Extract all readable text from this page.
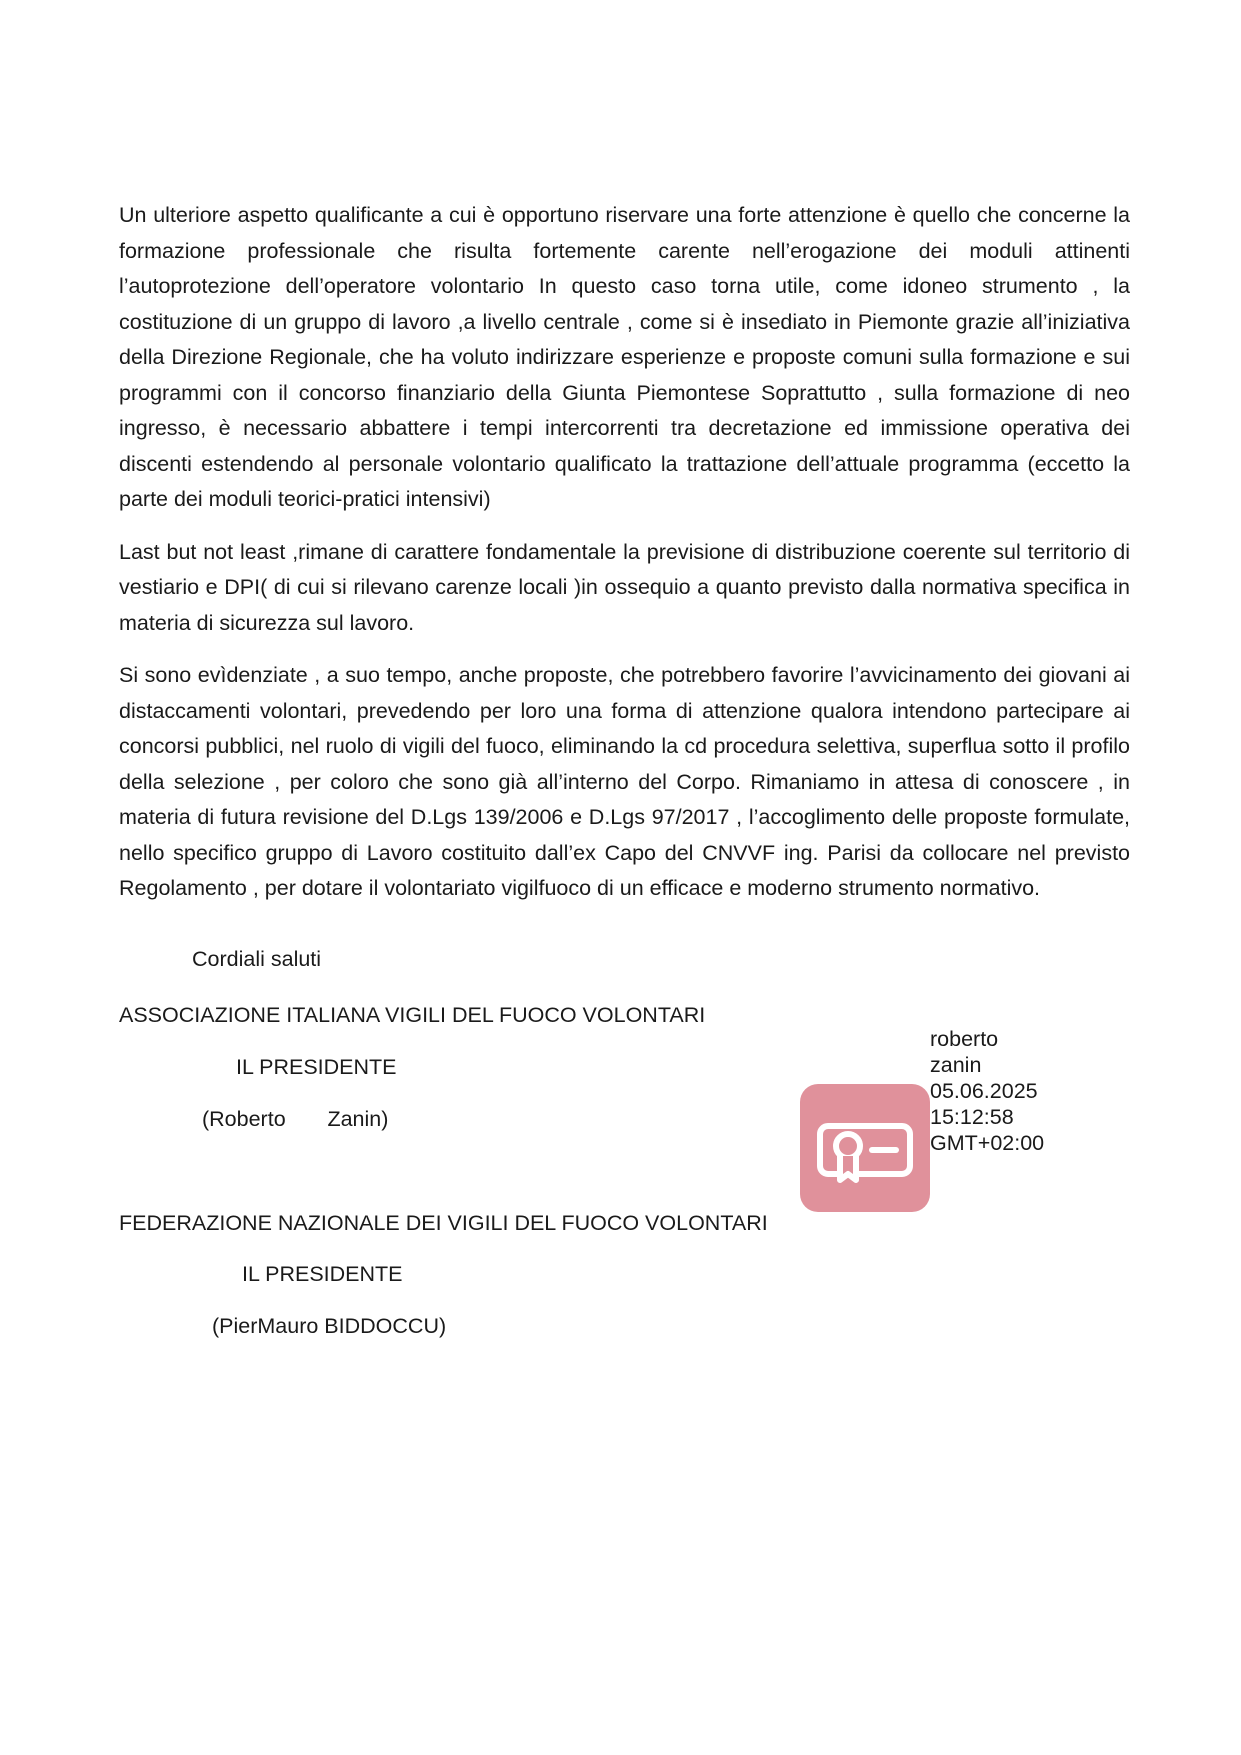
Un ulteriore aspetto qualificante a cui è opportuno riservare una forte attenzione è quello che concerne la formazione professionale che risulta fortemente carente nell’erogazione dei moduli attinenti l’autoprotezione dell’operatore volontario In questo caso torna utile, come idoneo strumento , la costituzione di un gruppo di lavoro ,a livello centrale , come si è insediato in Piemonte grazie all’iniziativa della Direzione Regionale, che ha voluto indirizzare esperienze e proposte comuni sulla formazione e sui programmi con il concorso finanziario della Giunta Piemontese Soprattutto , sulla formazione di neo ingresso, è necessario abbattere i tempi intercorrenti tra decretazione ed immissione operativa dei discenti estendendo al personale volontario qualificato la trattazione dell’attuale programma (eccetto la parte dei moduli teorici-pratici intensivi)

Last but not least ,rimane di carattere fondamentale la previsione di distribuzione coerente sul territorio di vestiario e DPI( di cui si rilevano carenze locali )in ossequio a quanto previsto dalla normativa specifica in materia di sicurezza sul lavoro.

Si sono evìdenziate , a suo tempo, anche proposte, che potrebbero favorire l’avvicinamento dei giovani ai distaccamenti volontari, prevedendo per loro una forma di attenzione qualora intendono partecipare ai concorsi pubblici, nel ruolo di vigili del fuoco, eliminando la cd procedura selettiva, superflua sotto il profilo della selezione , per coloro che sono già all’interno del Corpo. Rimaniamo in attesa di conoscere , in materia di futura revisione del D.Lgs 139/2006 e D.Lgs 97/2017 , l’accoglimento delle proposte formulate, nello specifico gruppo di Lavoro costituito dall’ex Capo del CNVVF ing. Parisi da collocare nel previsto Regolamento , per dotare il volontariato vigilfuoco di un efficace e moderno strumento normativo.

Cordiali saluti
ASSOCIAZIONE ITALIANA VIGILI DEL FUOCO VOLONTARI
IL PRESIDENTE
(Roberto       Zanin)
roberto
zanin
05.06.2025
15:12:58
GMT+02:00
FEDERAZIONE NAZIONALE DEI VIGILI DEL FUOCO VOLONTARI
IL PRESIDENTE
(PierMauro BIDDOCCU)
